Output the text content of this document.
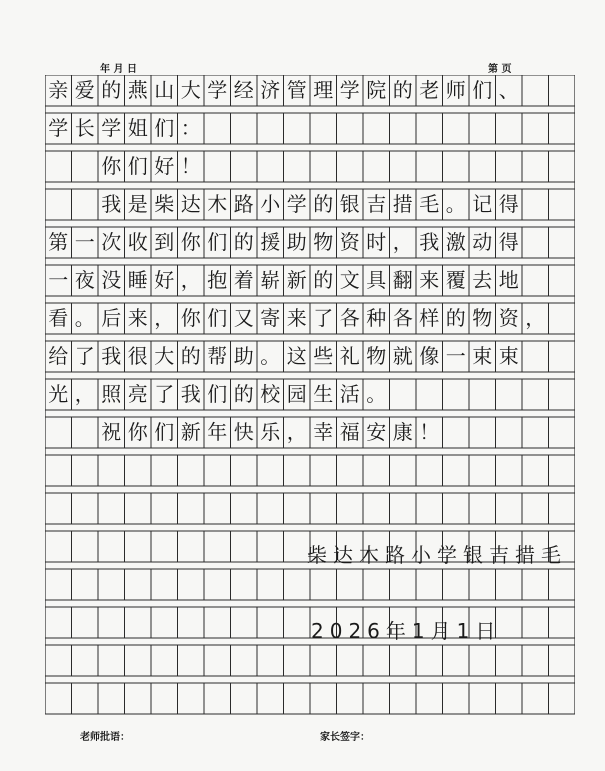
年 月 日	第 页
亲 爱 的 燕 山 大 学 经 济 管 理 学 院 的 老 师 们 、
学 长 学 姐 们 ：
你 们 好 ！
我 是 柴 达 木 路 小 学 的 银 吉 措 毛 。 记 得
第 一 次 收 到 你 们 的 援 助 物 资 时 ， 我 激 动 得
一 夜 没 睡 好 ， 抱 着 崭 新 的 文 具 翻 来 覆 去 地
看 。 后 来 ， 你 们 又 寄 来 了 各 种 各 样 的 物 资 ，
给 了 我 很 大 的 帮 助 。 这 些 礼 物 就 像 一 束 束
光 ， 照 亮 了 我 们 的 校 园 生 活 。
祝 你 们 新 年 快 乐 ， 幸 福 安 康 ！
柴达木路小学银吉措毛
2026年1月1日
老师批语：	家长签字：
